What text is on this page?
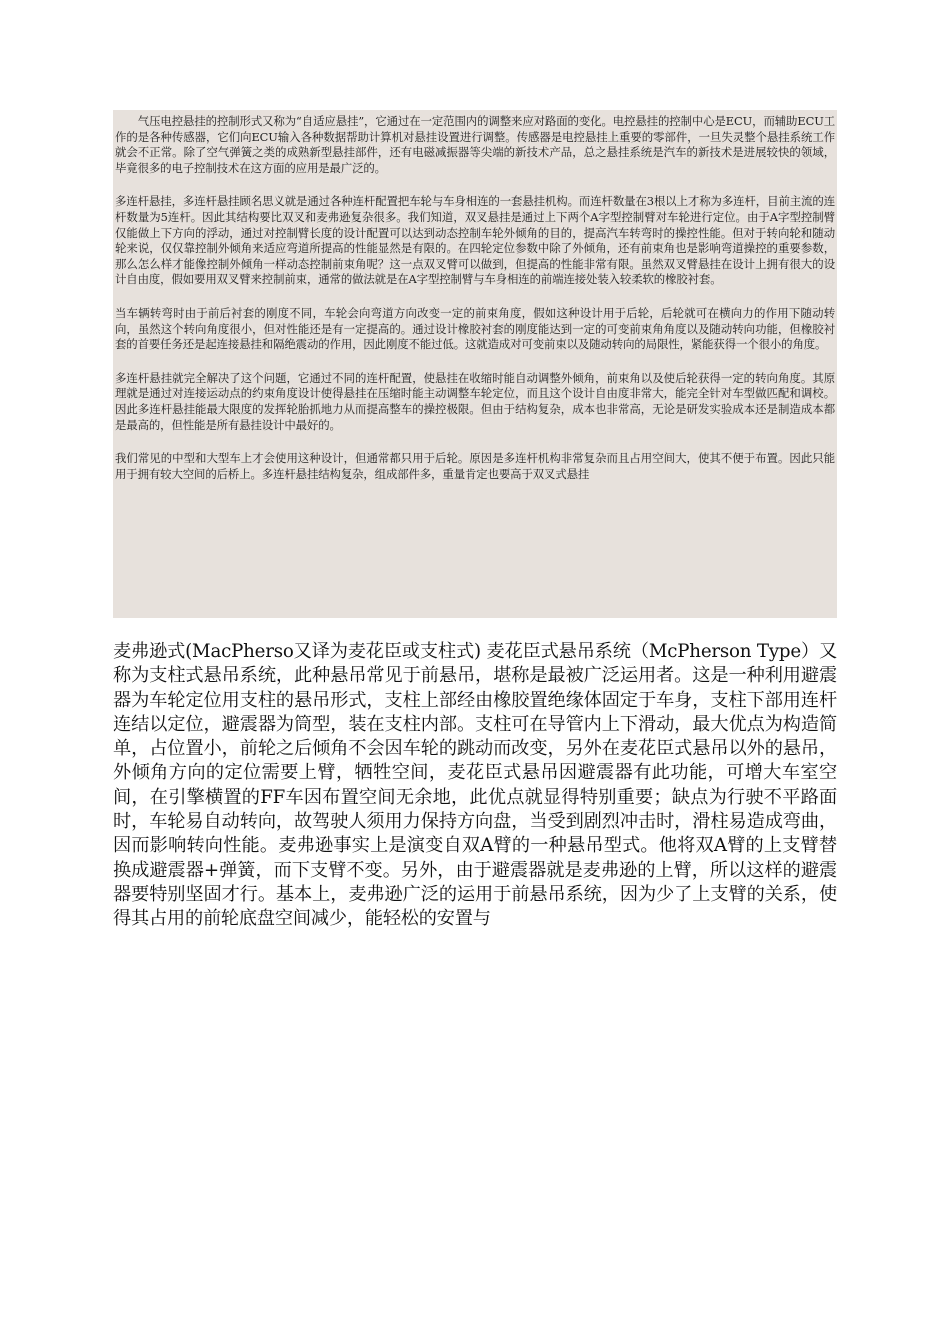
气压电控悬挂的控制形式又称为“自适应悬挂”，它通过在一定范围内的调整来应对路面的变化。电控悬挂的控制中心是ECU，而辅助ECU工作的是各种传感器，它们向ECU输入各种数据帮助计算机对悬挂设置进行调整。传感器是电控悬挂上重要的零部件，一旦失灵整个悬挂系统工作就会不正常。除了空气弹簧之类的成熟新型悬挂部件，还有电磁减振器等尖端的新技术产品，总之悬挂系统是汽车的新技术是进展较快的领域，毕竟很多的电子控制技术在这方面的应用是最广泛的。

多连杆悬挂，多连杆悬挂顾名思义就是通过各种连杆配置把车轮与车身相连的一套悬挂机构。而连杆数量在3根以上才称为多连杆，目前主流的连杆数量为5连杆。因此其结构要比双叉和麦弗逊复杂很多。我们知道，双叉悬挂是通过上下两个A字型控制臂对车轮进行定位。由于A字型控制臂仅能做上下方向的浮动，通过对控制臂长度的设计配置可以达到动态控制车轮外倾角的目的，提高汽车转弯时的操控性能。但对于转向轮和随动轮来说，仅仅靠控制外倾角来适应弯道所提高的性能显然是有限的。在四轮定位参数中除了外倾角，还有前束角也是影响弯道操控的重要参数，那么怎么样才能像控制外倾角一样动态控制前束角呢？这一点双叉臂可以做到，但提高的性能非常有限。虽然双叉臂悬挂在设计上拥有很大的设计自由度，假如要用双叉臂来控制前束，通常的做法就是在A字型控制臂与车身相连的前端连接处装入较柔软的橡胶衬套。

当车辆转弯时由于前后衬套的刚度不同，车轮会向弯道方向改变一定的前束角度，假如这种设计用于后轮，后轮就可在横向力的作用下随动转向，虽然这个转向角度很小，但对性能还是有一定提高的。通过设计橡胶衬套的刚度能达到一定的可变前束角角度以及随动转向功能，但橡胶衬套的首要任务还是起连接悬挂和隔绝震动的作用，因此刚度不能过低。这就造成对可变前束以及随动转向的局限性，紧能获得一个很小的角度。

多连杆悬挂就完全解决了这个问题，它通过不同的连杆配置，使悬挂在收缩时能自动调整外倾角，前束角以及使后轮获得一定的转向角度。其原理就是通过对连接运动点的约束角度设计使得悬挂在压缩时能主动调整车轮定位，而且这个设计自由度非常大，能完全针对车型做匹配和调校。因此多连杆悬挂能最大限度的发挥轮胎抓地力从而提高整车的操控极限。但由于结构复杂，成本也非常高，无论是研发实验成本还是制造成本都是最高的，但性能是所有悬挂设计中最好的。

我们常见的中型和大型车上才会使用这种设计，但通常都只用于后轮。原因是多连杆机构非常复杂而且占用空间大，使其不便于布置。因此只能用于拥有较大空间的后桥上。多连杆悬挂结构复杂，组成部件多，重量肯定也要高于双叉式悬挂

麦弗逊式(MacPherso又译为麦花臣或支柱式) 麦花臣式悬吊系统（McPherson Type）又称为支柱式悬吊系统，此种悬吊常见于前悬吊，堪称是最被广泛运用者。这是一种利用避震器为车轮定位用支柱的悬吊形式，支柱上部经由橡胶置绝缘体固定于车身，支柱下部用连杆连结以定位，避震器为筒型，装在支柱内部。支柱可在导管内上下滑动，最大优点为构造简单，占位置小，前轮之后倾角不会因车轮的跳动而改变，另外在麦花臣式悬吊以外的悬吊，外倾角方向的定位需要上臂，牺牲空间，麦花臣式悬吊因避震器有此功能，可增大车室空间，在引擎横置的FF车因布置空间无余地，此优点就显得特别重要；缺点为行驶不平路面时，车轮易自动转向，故驾驶人须用力保持方向盘，当受到剧烈冲击时，滑柱易造成弯曲，因而影响转向性能。麦弗逊事实上是演变自双A臂的一种悬吊型式。他将双A臂的上支臂替换成避震器+弹簧，而下支臂不变。另外，由于避震器就是麦弗逊的上臂，所以这样的避震器要特别坚固才行。基本上，麦弗逊广泛的运用于前悬吊系统，因为少了上支臂的关系，使得其占用的前轮底盘空间减少，能轻松的安置与
